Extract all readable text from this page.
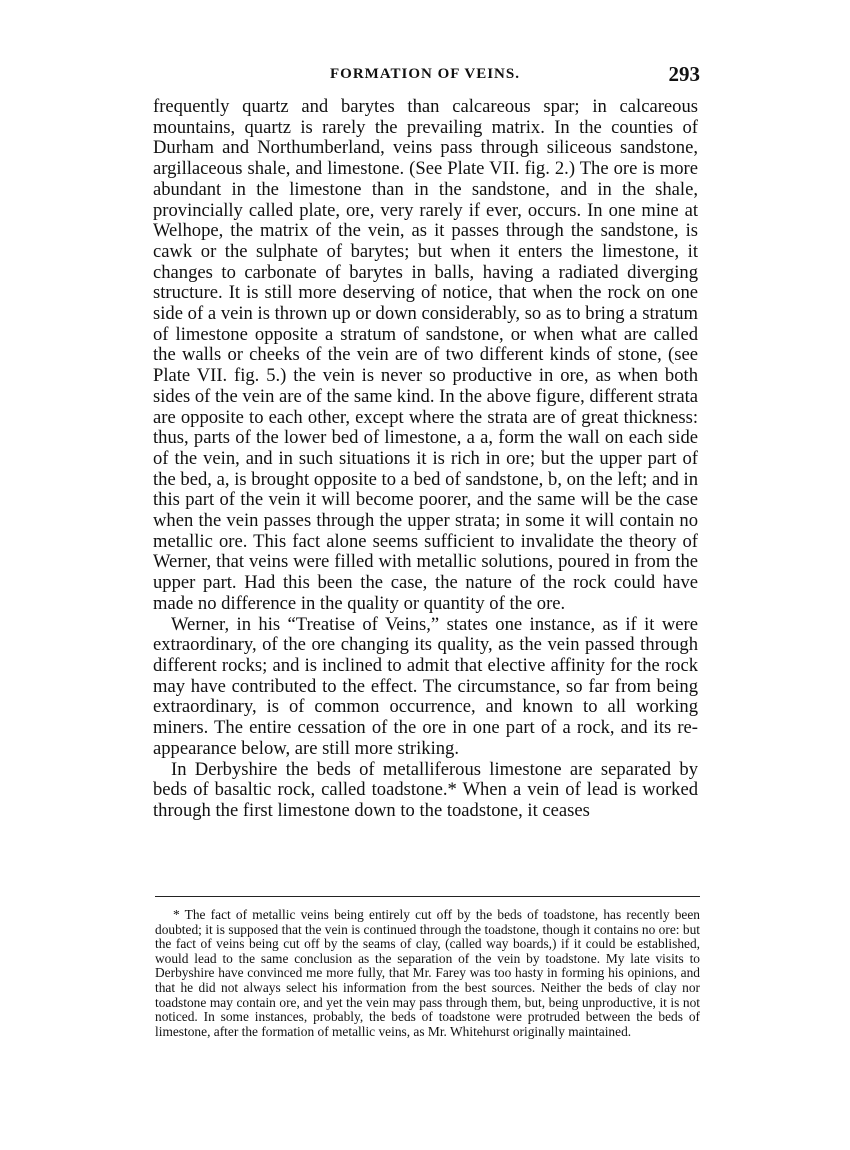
FORMATION OF VEINS.	293

frequently quartz and barytes than calcareous spar; in calcareous mountains, quartz is rarely the prevailing matrix. In the counties of Durham and Northumberland, veins pass through siliceous sandstone, argillaceous shale, and limestone. (See Plate VII. fig. 2.) The ore is more abundant in the limestone than in the sandstone, and in the shale, provincially called plate, ore, very rarely if ever, occurs. In one mine at Welhope, the matrix of the vein, as it passes through the sandstone, is cawk or the sulphate of barytes; but when it enters the limestone, it changes to carbonate of barytes in balls, having a radiated diverging structure. It is still more deserving of notice, that when the rock on one side of a vein is thrown up or down considerably, so as to bring a stratum of limestone opposite a stratum of sandstone, or when what are called the walls or cheeks of the vein are of two different kinds of stone, (see Plate VII. fig. 5.) the vein is never so productive in ore, as when both sides of the vein are of the same kind. In the above figure, different strata are opposite to each other, except where the strata are of great thickness: thus, parts of the lower bed of limestone, a a, form the wall on each side of the vein, and in such situations it is rich in ore; but the upper part of the bed, a, is brought opposite to a bed of sandstone, b, on the left; and in this part of the vein it will become poorer, and the same will be the case when the vein passes through the upper strata; in some it will contain no metallic ore. This fact alone seems sufficient to invalidate the theory of Werner, that veins were filled with metallic solutions, poured in from the upper part. Had this been the case, the nature of the rock could have made no difference in the quality or quantity of the ore.

Werner, in his “Treatise of Veins,” states one instance, as if it were extraordinary, of the ore changing its quality, as the vein passed through different rocks; and is inclined to admit that elective affinity for the rock may have contributed to the effect. The circumstance, so far from being extraordinary, is of common occurrence, and known to all working miners. The entire cessation of the ore in one part of a rock, and its re-appearance below, are still more striking.

In Derbyshire the beds of metalliferous limestone are separated by beds of basaltic rock, called toadstone.* When a vein of lead is worked through the first limestone down to the toadstone, it ceases

* The fact of metallic veins being entirely cut off by the beds of toadstone, has recently been doubted; it is supposed that the vein is continued through the toadstone, though it contains no ore: but the fact of veins being cut off by the seams of clay, (called way boards,) if it could be established, would lead to the same conclusion as the separation of the vein by toadstone. My late visits to Derbyshire have convinced me more fully, that Mr. Farey was too hasty in forming his opinions, and that he did not always select his information from the best sources. Neither the beds of clay nor toadstone may contain ore, and yet the vein may pass through them, but, being unproductive, it is not noticed. In some instances, probably, the beds of toadstone were protruded between the beds of limestone, after the formation of metallic veins, as Mr. Whitehurst originally maintained.
